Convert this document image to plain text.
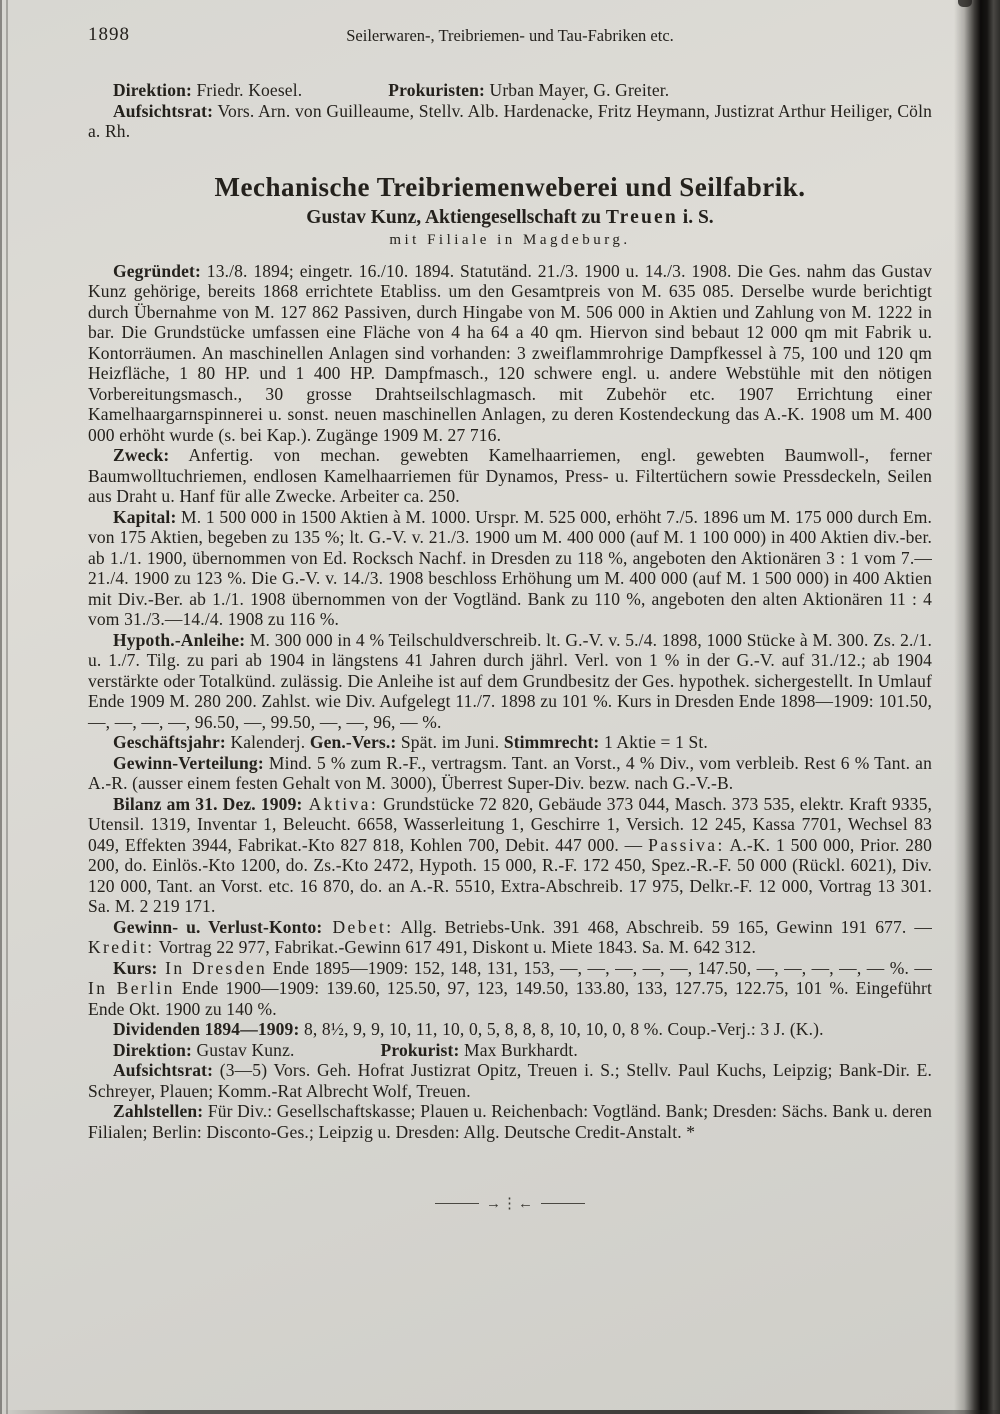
1898	Seilerwaren-, Treibriemen- und Tau-Fabriken etc.

Direktion: Friedr. Koesel.	Prokuristen: Urban Mayer, G. Greiter.

Aufsichtsrat: Vors. Arn. von Guilleaume, Stellv. Alb. Hardenacke, Fritz Heymann, Justizrat Arthur Heiliger, Cöln a. Rh.

Mechanische Treibriemenweberei und Seilfabrik.
Gustav Kunz, Aktiengesellschaft zu Treuen i. S.
mit Filiale in Magdeburg.

Gegründet: 13./8. 1894; eingetr. 16./10. 1894. Statutänd. 21./3. 1900 u. 14./3. 1908. Die Ges. nahm das Gustav Kunz gehörige, bereits 1868 errichtete Etabliss. um den Gesamtpreis von M. 635 085. Derselbe wurde berichtigt durch Übernahme von M. 127 862 Passiven, durch Hingabe von M. 506 000 in Aktien und Zahlung von M. 1222 in bar. Die Grundstücke umfassen eine Fläche von 4 ha 64 a 40 qm. Hiervon sind bebaut 12 000 qm mit Fabrik u. Kontorräumen. An maschinellen Anlagen sind vorhanden: 3 zweiflammrohrige Dampfkessel à 75, 100 und 120 qm Heizfläche, 1 80 HP. und 1 400 HP. Dampfmasch., 120 schwere engl. u. andere Webstühle mit den nötigen Vorbereitungsmasch., 30 grosse Drahtseilschlagmasch. mit Zubehör etc. 1907 Errichtung einer Kamelhaargarnspinnerei u. sonst. neuen maschinellen Anlagen, zu deren Kostendeckung das A.-K. 1908 um M. 400 000 erhöht wurde (s. bei Kap.). Zugänge 1909 M. 27 716.

Zweck: Anfertig. von mechan. gewebten Kamelhaarriemen, engl. gewebten Baumwoll-, ferner Baumwolltuchriemen, endlosen Kamelhaarriemen für Dynamos, Press- u. Filtertüchern sowie Pressdeckeln, Seilen aus Draht u. Hanf für alle Zwecke. Arbeiter ca. 250.

Kapital: M. 1 500 000 in 1500 Aktien à M. 1000. Urspr. M. 525 000, erhöht 7./5. 1896 um M. 175 000 durch Em. von 175 Aktien, begeben zu 135 %; lt. G.-V. v. 21./3. 1900 um M. 400 000 (auf M. 1 100 000) in 400 Aktien div.-ber. ab 1./1. 1900, übernommen von Ed. Rocksch Nachf. in Dresden zu 118 %, angeboten den Aktionären 3 : 1 vom 7.—21./4. 1900 zu 123 %. Die G.-V. v. 14./3. 1908 beschloss Erhöhung um M. 400 000 (auf M. 1 500 000) in 400 Aktien mit Div.-Ber. ab 1./1. 1908 übernommen von der Vogtländ. Bank zu 110 %, angeboten den alten Aktionären 11 : 4 vom 31./3.—14./4. 1908 zu 116 %.

Hypoth.-Anleihe: M. 300 000 in 4 % Teilschuldverschreib. lt. G.-V. v. 5./4. 1898, 1000 Stücke à M. 300. Zs. 2./1. u. 1./7. Tilg. zu pari ab 1904 in längstens 41 Jahren durch jährl. Verl. von 1 % in der G.-V. auf 31./12.; ab 1904 verstärkte oder Totalkünd. zulässig. Die Anleihe ist auf dem Grundbesitz der Ges. hypothek. sichergestellt. In Umlauf Ende 1909 M. 280 200. Zahlst. wie Div. Aufgelegt 11./7. 1898 zu 101 %. Kurs in Dresden Ende 1898—1909: 101.50, —, —, —, —, 96.50, —, 99.50, —, —, 96, — %.

Geschäftsjahr: Kalenderj. Gen.-Vers.: Spät. im Juni. Stimmrecht: 1 Aktie = 1 St.

Gewinn-Verteilung: Mind. 5 % zum R.-F., vertragsm. Tant. an Vorst., 4 % Div., vom verbleib. Rest 6 % Tant. an A.-R. (ausser einem festen Gehalt von M. 3000), Überrest Super-Div. bezw. nach G.-V.-B.

Bilanz am 31. Dez. 1909: Aktiva: Grundstücke 72 820, Gebäude 373 044, Masch. 373 535, elektr. Kraft 9335, Utensil. 1319, Inventar 1, Beleucht. 6658, Wasserleitung 1, Geschirre 1, Versich. 12 245, Kassa 7701, Wechsel 83 049, Effekten 3944, Fabrikat.-Kto 827 818, Kohlen 700, Debit. 447 000. — Passiva: A.-K. 1 500 000, Prior. 280 200, do. Einlös.-Kto 1200, do. Zs.-Kto 2472, Hypoth. 15 000, R.-F. 172 450, Spez.-R.-F. 50 000 (Rückl. 6021), Div. 120 000, Tant. an Vorst. etc. 16 870, do. an A.-R. 5510, Extra-Abschreib. 17 975, Delkr.-F. 12 000, Vortrag 13 301. Sa. M. 2 219 171.

Gewinn- u. Verlust-Konto: Debet: Allg. Betriebs-Unk. 391 468, Abschreib. 59 165, Gewinn 191 677. — Kredit: Vortrag 22 977, Fabrikat.-Gewinn 617 491, Diskont u. Miete 1843. Sa. M. 642 312.

Kurs: In Dresden Ende 1895—1909: 152, 148, 131, 153, —, —, —, —, —, 147.50, —, —, —, —, — %. — In Berlin Ende 1900—1909: 139.60, 125.50, 97, 123, 149.50, 133.80, 133, 127.75, 122.75, 101 %. Eingeführt Ende Okt. 1900 zu 140 %.

Dividenden 1894—1909: 8, 8½, 9, 9, 10, 11, 10, 0, 5, 8, 8, 8, 10, 10, 0, 8 %. Coup.-Verj.: 3 J. (K.).

Direktion: Gustav Kunz.	Prokurist: Max Burkhardt.

Aufsichtsrat: (3—5) Vors. Geh. Hofrat Justizrat Opitz, Treuen i. S.; Stellv. Paul Kuchs, Leipzig; Bank-Dir. E. Schreyer, Plauen; Komm.-Rat Albrecht Wolf, Treuen.

Zahlstellen: Für Div.: Gesellschaftskasse; Plauen u. Reichenbach: Vogtländ. Bank; Dresden: Sächs. Bank u. deren Filialen; Berlin: Disconto-Ges.; Leipzig u. Dresden: Allg. Deutsche Credit-Anstalt. *

→⋮←
